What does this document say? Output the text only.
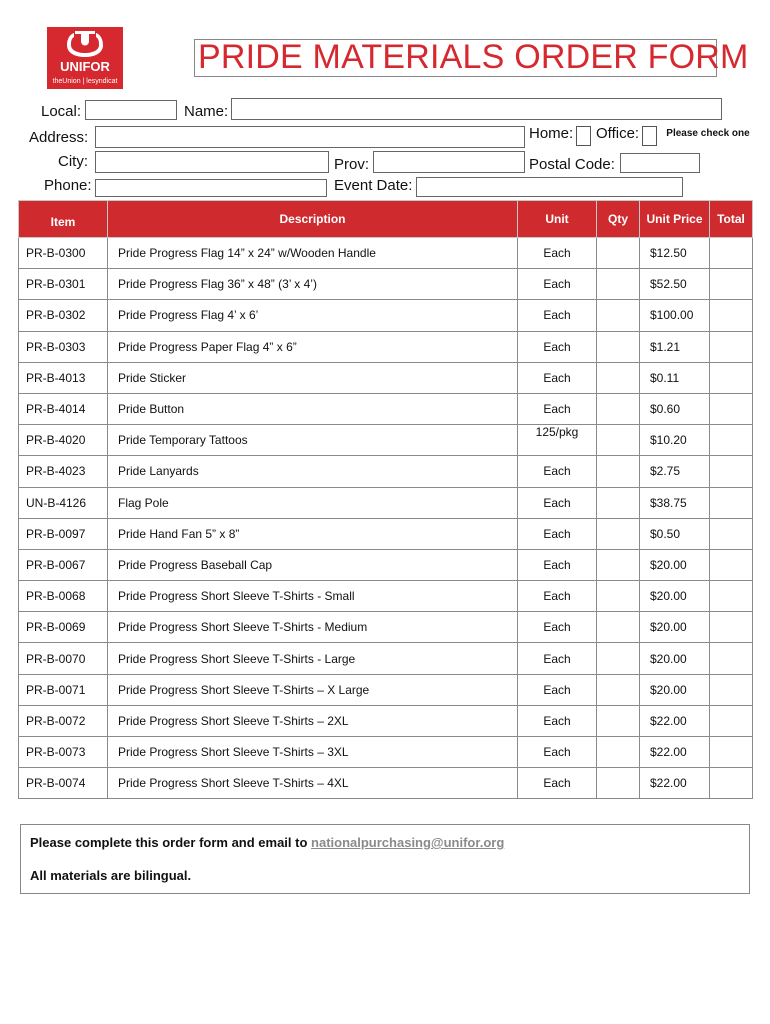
UNIFOR
theUnion | lesyndicat
PRIDE MATERIALS ORDER FORM
Local:	Name:
Address:	Home: Office:	Please check one
City:	Prov:	Postal Code:
Phone:	Event Date:
Item	Description	Unit	Qty	Unit Price	Total
PR-B-0300	Pride Progress Flag 14” x 24” w/Wooden Handle	Each		$12.50	
PR-B-0301	Pride Progress Flag 36” x 48” (3’ x 4’)	Each		$52.50	
PR-B-0302	Pride Progress Flag 4’ x 6’	Each		$100.00	
PR-B-0303	Pride Progress Paper Flag 4” x 6”	Each		$1.21	
PR-B-4013	Pride Sticker	Each		$0.11	
PR-B-4014	Pride Button	Each		$0.60	
PR-B-4020	Pride Temporary Tattoos	125/pkg		$10.20	
PR-B-4023	Pride Lanyards	Each		$2.75	
UN-B-4126	Flag Pole	Each		$38.75	
PR-B-0097	Pride Hand Fan 5” x 8”	Each		$0.50	
PR-B-0067	Pride Progress Baseball Cap	Each		$20.00	
PR-B-0068	Pride Progress Short Sleeve T-Shirts - Small	Each		$20.00	
PR-B-0069	Pride Progress Short Sleeve T-Shirts - Medium	Each		$20.00	
PR-B-0070	Pride Progress Short Sleeve T-Shirts - Large	Each		$20.00	
PR-B-0071	Pride Progress Short Sleeve T-Shirts – X Large	Each		$20.00	
PR-B-0072	Pride Progress Short Sleeve T-Shirts – 2XL	Each		$22.00	
PR-B-0073	Pride Progress Short Sleeve T-Shirts – 3XL	Each		$22.00	
PR-B-0074	Pride Progress Short Sleeve T-Shirts – 4XL	Each		$22.00	
Please complete this order form and email to nationalpurchasing@unifor.org
All materials are bilingual.
